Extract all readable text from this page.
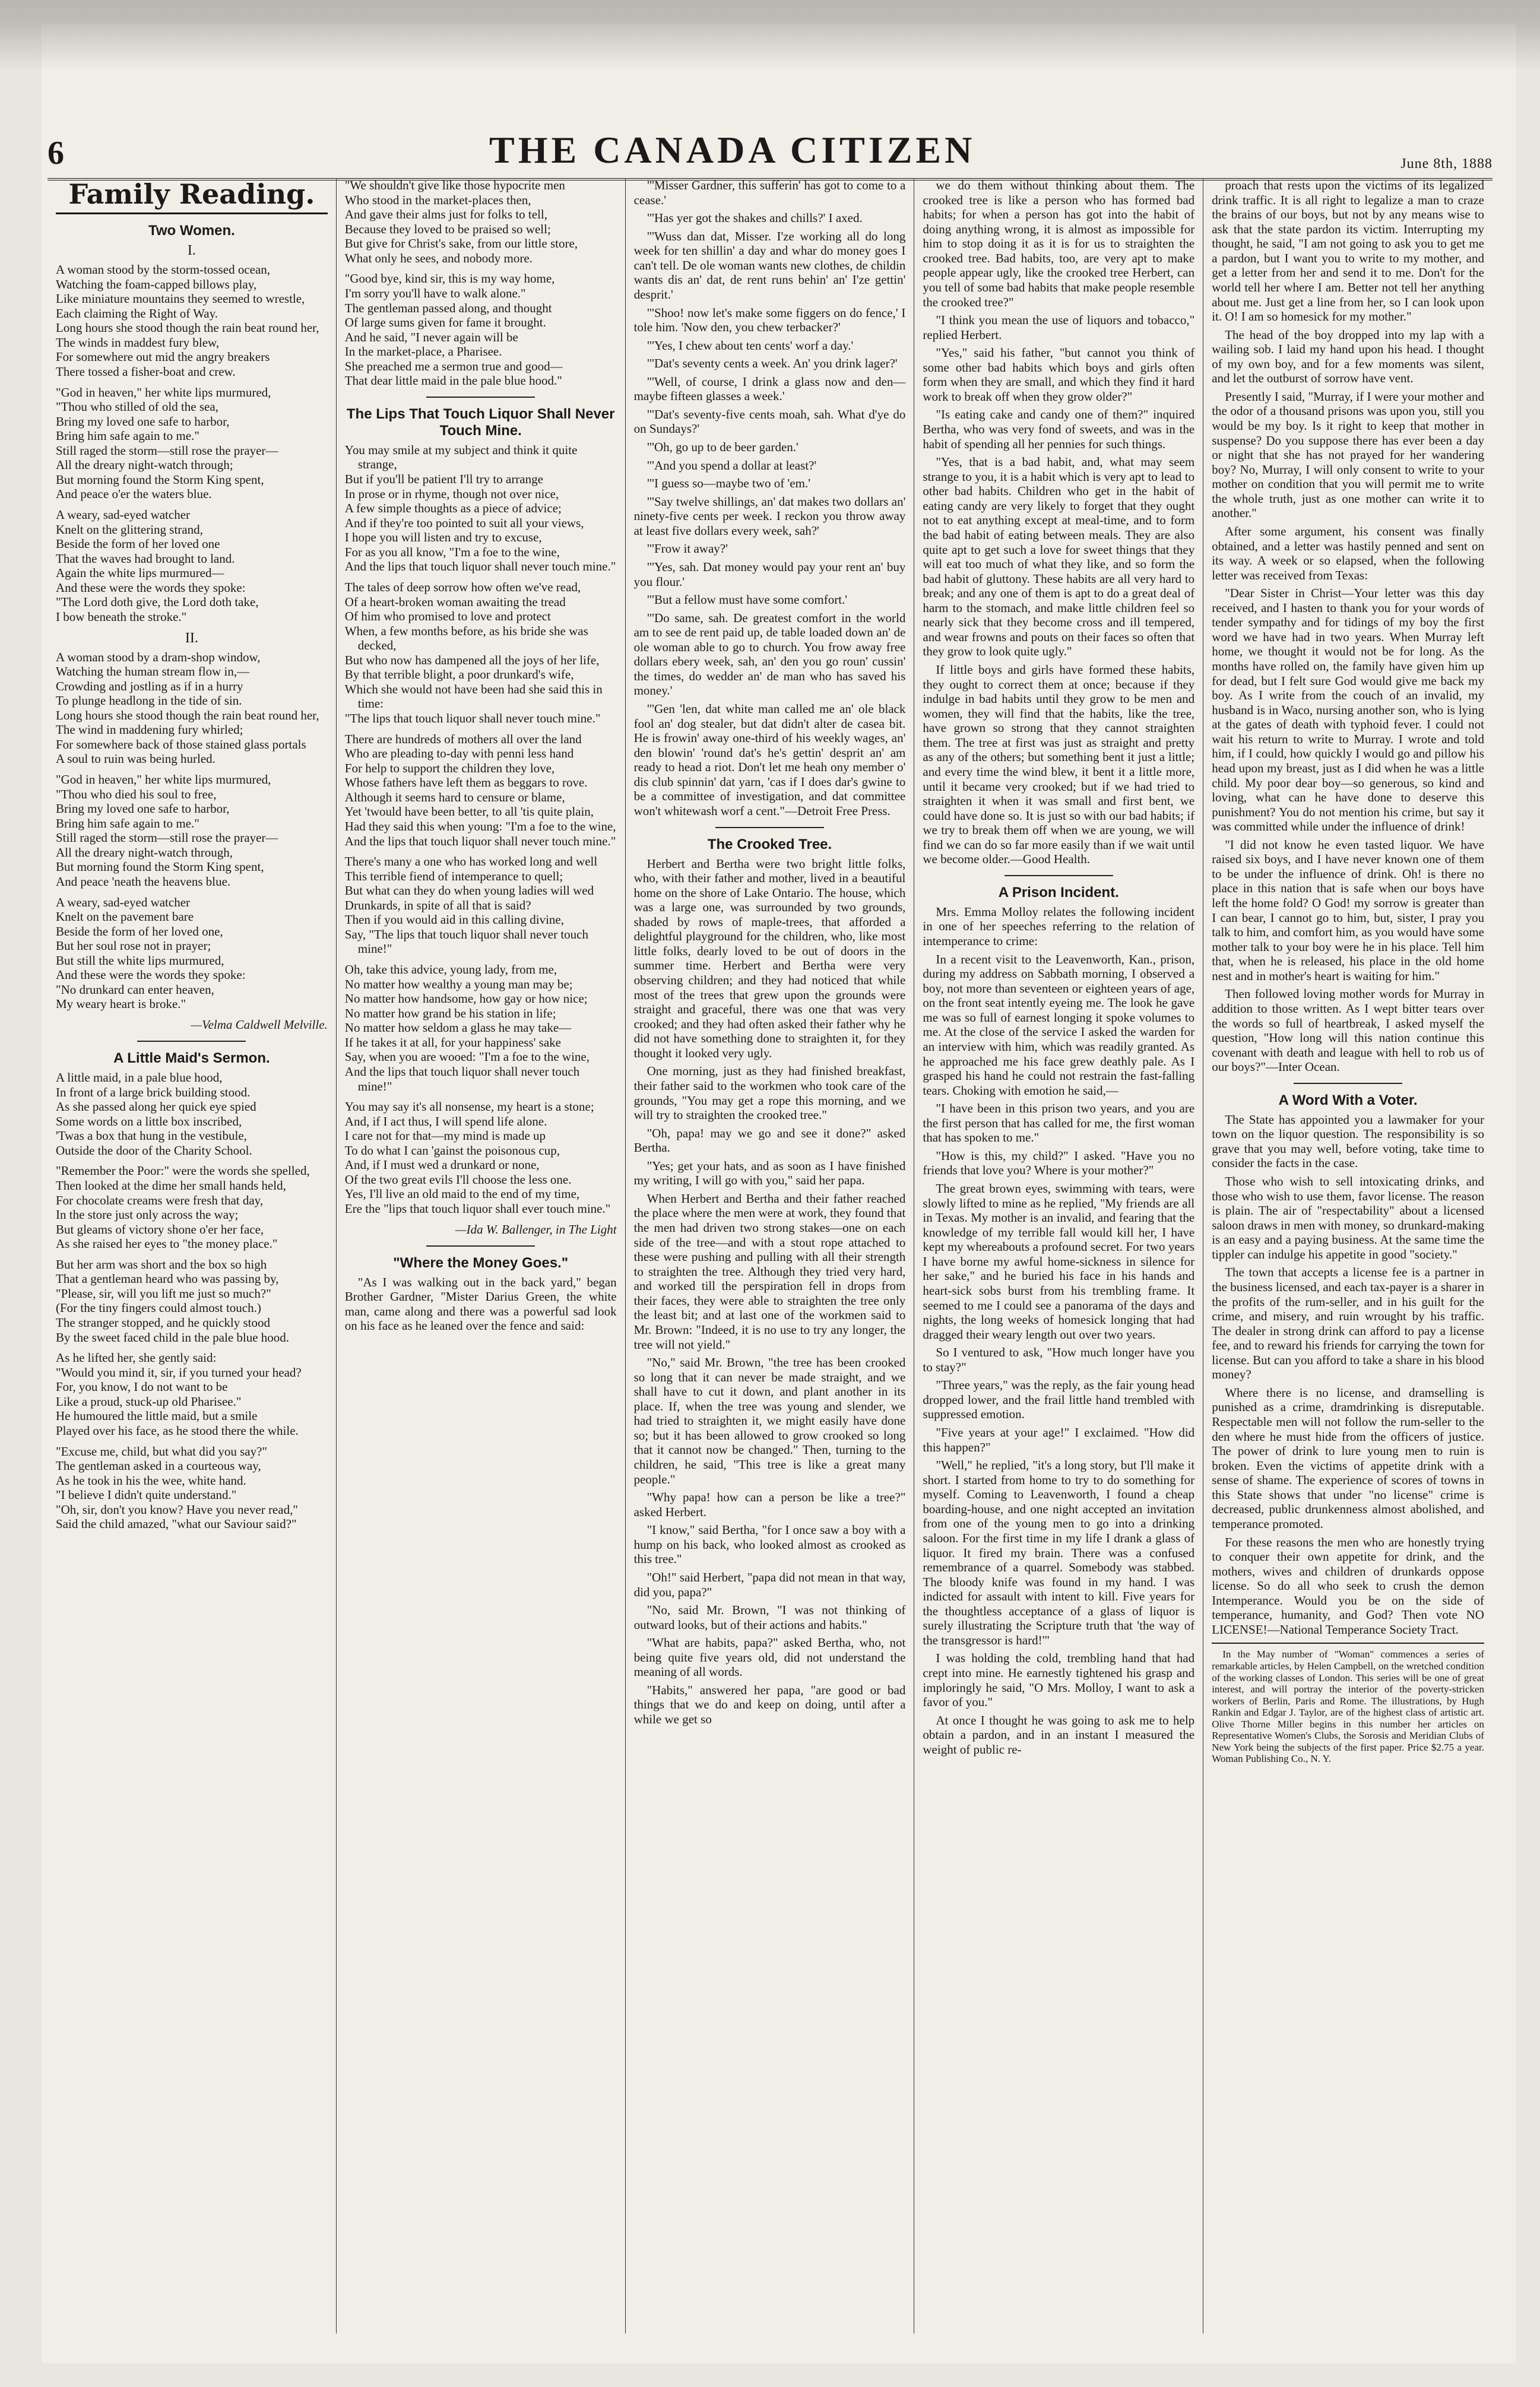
6	THE CANADA CITIZEN	June 8th, 1888
Family Reading.
Two Women.
I.
A woman stood by the storm-tossed ocean,
Watching the foam-capped billows play,
Like miniature mountains they seemed to wrestle,
Each claiming the Right of Way.
Long hours she stood though the rain beat round her,
The winds in maddest fury blew,
For somewhere out mid the angry breakers
There tossed a fisher-boat and crew.
"God in heaven," her white lips murmured,
"Thou who stilled of old the sea,
Bring my loved one safe to harbor,
Bring him safe again to me."
Still raged the storm—still rose the prayer—
All the dreary night-watch through;
But morning found the Storm King spent,
And peace o'er the waters blue.
A weary, sad-eyed watcher
Knelt on the glittering strand,
Beside the form of her loved one
That the waves had brought to land.
Again the white lips murmured—
And these were the words they spoke:
"The Lord doth give, the Lord doth take,
I bow beneath the stroke."
II.
A woman stood by a dram-shop window,
Watching the human stream flow in,—
Crowding and jostling as if in a hurry
To plunge headlong in the tide of sin.
Long hours she stood though the rain beat round her,
The wind in maddening fury whirled;
For somewhere back of those stained glass portals
A soul to ruin was being hurled.
"God in heaven," her white lips murmured,
"Thou who died his soul to free,
Bring my loved one safe to harbor,
Bring him safe again to me."
Still raged the storm—still rose the prayer—
All the dreary night-watch through,
But morning found the Storm King spent,
And peace 'neath the heavens blue.
A weary, sad-eyed watcher
Knelt on the pavement bare
Beside the form of her loved one,
But her soul rose not in prayer;
But still the white lips murmured,
And these were the words they spoke:
"No drunkard can enter heaven,
My weary heart is broke."
—Velma Caldwell Melville.
A Little Maid's Sermon.
A little maid, in a pale blue hood,
In front of a large brick building stood.
As she passed along her quick eye spied
Some words on a little box inscribed,
'Twas a box that hung in the vestibule,
Outside the door of the Charity School.
"Remember the Poor:" were the words she spelled,
Then looked at the dime her small hands held,
For chocolate creams were fresh that day,
In the store just only across the way;
But gleams of victory shone o'er her face,
As she raised her eyes to "the money place."
But her arm was short and the box so high
That a gentleman heard who was passing by,
"Please, sir, will you lift me just so much?"
(For the tiny fingers could almost touch.)
The stranger stopped, and he quickly stood
By the sweet faced child in the pale blue hood.
As he lifted her, she gently said:
"Would you mind it, sir, if you turned your head?
For, you know, I do not want to be
Like a proud, stuck-up old Pharisee."
He humoured the little maid, but a smile
Played over his face, as he stood there the while.
"Excuse me, child, but what did you say?"
The gentleman asked in a courteous way,
As he took in his the wee, white hand.
"I believe I didn't quite understand."
"Oh, sir, don't you know? Have you never read,"
Said the child amazed, "what our Saviour said?"
"We shouldn't give like those hypocrite men
Who stood in the market-places then,
And gave their alms just for folks to tell,
Because they loved to be praised so well;
But give for Christ's sake, from our little store,
What only he sees, and nobody more.
"Good bye, kind sir, this is my way home,
I'm sorry you'll have to walk alone."
The gentleman passed along, and thought
Of large sums given for fame it brought.
And he said, "I never again will be
In the market-place, a Pharisee.
She preached me a sermon true and good—
That dear little maid in the pale blue hood."
The Lips That Touch Liquor Shall Never Touch Mine.
You may smile at my subject and think it quite strange,
But if you'll be patient I'll try to arrange
In prose or in rhyme, though not over nice,
A few simple thoughts as a piece of advice;
And if they're too pointed to suit all your views,
I hope you will listen and try to excuse,
For as you all know, "I'm a foe to the wine,
And the lips that touch liquor shall never touch mine."
The tales of deep sorrow how often we've read,
Of a heart-broken woman awaiting the tread
Of him who promised to love and protect
When, a few months before, as his bride she was decked,
But who now has dampened all the joys of her life,
By that terrible blight, a poor drunkard's wife,
Which she would not have been had she said this in time:
"The lips that touch liquor shall never touch mine."
There are hundreds of mothers all over the land
Who are pleading to-day with penni less hand
For help to support the children they love,
Whose fathers have left them as beggars to rove.
Although it seems hard to censure or blame,
Yet 'twould have been better, to all 'tis quite plain,
Had they said this when young: "I'm a foe to the wine,
And the lips that touch liquor shall never touch mine."
There's many a one who has worked long and well
This terrible fiend of intemperance to quell;
But what can they do when young ladies will wed
Drunkards, in spite of all that is said?
Then if you would aid in this calling divine,
Say, "The lips that touch liquor shall never touch mine!"
Oh, take this advice, young lady, from me,
No matter how wealthy a young man may be;
No matter how handsome, how gay or how nice;
No matter how grand be his station in life;
No matter how seldom a glass he may take—
If he takes it at all, for your happiness' sake
Say, when you are wooed: "I'm a foe to the wine,
And the lips that touch liquor shall never touch mine!"
You may say it's all nonsense, my heart is a stone;
And, if I act thus, I will spend life alone.
I care not for that—my mind is made up
To do what I can 'gainst the poisonous cup,
And, if I must wed a drunkard or none,
Of the two great evils I'll choose the less one.
Yes, I'll live an old maid to the end of my time,
Ere the "lips that touch liquor shall ever touch mine."
—Ida W. Ballenger, in The Light
"Where the Money Goes."

"As I was walking out in the back yard," began Brother Gardner, "Mister Darius Green, the white man, came along and there was a powerful sad look on his face as he leaned over the fence and said:

"'Misser Gardner, this sufferin' has got to come to a cease.'

"'Has yer got the shakes and chills?' I axed.

"'Wuss dan dat, Misser. I'ze working all do long week for ten shillin' a day and whar do money goes I can't tell. De ole woman wants new clothes, de childin wants dis an' dat, de rent runs behin' an' I'ze gettin' desprit.'

"'Shoo! now let's make some figgers on do fence,' I tole him. 'Now den, you chew terbacker?'

"'Yes, I chew about ten cents' worf a day.'

"'Dat's seventy cents a week. An' you drink lager?'

"'Well, of course, I drink a glass now and den—maybe fifteen glasses a week.'

"'Dat's seventy-five cents moah, sah. What d'ye do on Sundays?'

"'Oh, go up to de beer garden.'

"'And you spend a dollar at least?'

"'I guess so—maybe two of 'em.'

"'Say twelve shillings, an' dat makes two dollars an' ninety-five cents per week. I reckon you throw away at least five dollars every week, sah?'

"'Frow it away?'

"'Yes, sah. Dat money would pay your rent an' buy you flour.'

"'But a fellow must have some comfort.'

"'Do same, sah. De greatest comfort in the world am to see de rent paid up, de table loaded down an' de ole woman able to go to church. You frow away free dollars ebery week, sah, an' den you go roun' cussin' the times, do wedder an' de man who has saved his money.'

"'Gen 'len, dat white man called me an' ole black fool an' dog stealer, but dat didn't alter de casea bit. He is frowin' away one-third of his weekly wages, an' den blowin' 'round dat's he's gettin' desprit an' am ready to head a riot. Don't let me heah ony member o' dis club spinnin' dat yarn, 'cas if I does dar's gwine to be a committee of investigation, and dat committee won't whitewash worf a cent."—Detroit Free Press.

The Crooked Tree.

Herbert and Bertha were two bright little folks, who, with their father and mother, lived in a beautiful home on the shore of Lake Ontario. The house, which was a large one, was surrounded by two grounds, shaded by rows of maple-trees, that afforded a delightful playground for the children, who, like most little folks, dearly loved to be out of doors in the summer time. Herbert and Bertha were very observing children; and they had noticed that while most of the trees that grew upon the grounds were straight and graceful, there was one that was very crooked; and they had often asked their father why he did not have something done to straighten it, for they thought it looked very ugly.

One morning, just as they had finished breakfast, their father said to the workmen who took care of the grounds, "You may get a rope this morning, and we will try to straighten the crooked tree."

"Oh, papa! may we go and see it done?" asked Bertha.

"Yes; get your hats, and as soon as I have finished my writing, I will go with you," said her papa.

When Herbert and Bertha and their father reached the place where the men were at work, they found that the men had driven two strong stakes—one on each side of the tree—and with a stout rope attached to these were pushing and pulling with all their strength to straighten the tree. Although they tried very hard, and worked till the perspiration fell in drops from their faces, they were able to straighten the tree only the least bit; and at last one of the workmen said to Mr. Brown: "Indeed, it is no use to try any longer, the tree will not yield."

"No," said Mr. Brown, "the tree has been crooked so long that it can never be made straight, and we shall have to cut it down, and plant another in its place. If, when the tree was young and slender, we had tried to straighten it, we might easily have done so; but it has been allowed to grow crooked so long that it cannot now be changed." Then, turning to the children, he said, "This tree is like a great many people."

"Why papa! how can a person be like a tree?" asked Herbert.

"I know," said Bertha, "for I once saw a boy with a hump on his back, who looked almost as crooked as this tree."

"Oh!" said Herbert, "papa did not mean in that way, did you, papa?"

"No, said Mr. Brown, "I was not thinking of outward looks, but of their actions and habits."

"What are habits, papa?" asked Bertha, who, not being quite five years old, did not understand the meaning of all words.

"Habits," answered her papa, "are good or bad things that we do and keep on doing, until after a while we get so

we do them without thinking about them. The crooked tree is like a person who has formed bad habits; for when a person has got into the habit of doing anything wrong, it is almost as impossible for him to stop doing it as it is for us to straighten the crooked tree. Bad habits, too, are very apt to make people appear ugly, like the crooked tree Herbert, can you tell of some bad habits that make people resemble the crooked tree?"

"I think you mean the use of liquors and tobacco," replied Herbert.

"Yes," said his father, "but cannot you think of some other bad habits which boys and girls often form when they are small, and which they find it hard work to break off when they grow older?"

"Is eating cake and candy one of them?" inquired Bertha, who was very fond of sweets, and was in the habit of spending all her pennies for such things.

"Yes, that is a bad habit, and, what may seem strange to you, it is a habit which is very apt to lead to other bad habits. Children who get in the habit of eating candy are very likely to forget that they ought not to eat anything except at meal-time, and to form the bad habit of eating between meals. They are also quite apt to get such a love for sweet things that they will eat too much of what they like, and so form the bad habit of gluttony. These habits are all very hard to break; and any one of them is apt to do a great deal of harm to the stomach, and make little children feel so nearly sick that they become cross and ill tempered, and wear frowns and pouts on their faces so often that they grow to look quite ugly."

If little boys and girls have formed these habits, they ought to correct them at once; because if they indulge in bad habits until they grow to be men and women, they will find that the habits, like the tree, have grown so strong that they cannot straighten them. The tree at first was just as straight and pretty as any of the others; but something bent it just a little; and every time the wind blew, it bent it a little more, until it became very crooked; but if we had tried to straighten it when it was small and first bent, we could have done so. It is just so with our bad habits; if we try to break them off when we are young, we will find we can do so far more easily than if we wait until we become older.—Good Health.

A Prison Incident.

Mrs. Emma Molloy relates the following incident in one of her speeches referring to the relation of intemperance to crime:

In a recent visit to the Leavenworth, Kan., prison, during my address on Sabbath morning, I observed a boy, not more than seventeen or eighteen years of age, on the front seat intently eyeing me. The look he gave me was so full of earnest longing it spoke volumes to me. At the close of the service I asked the warden for an interview with him, which was readily granted. As he approached me his face grew deathly pale. As I grasped his hand he could not restrain the fast-falling tears. Choking with emotion he said,—

"I have been in this prison two years, and you are the first person that has called for me, the first woman that has spoken to me."

"How is this, my child?" I asked. "Have you no friends that love you? Where is your mother?"

The great brown eyes, swimming with tears, were slowly lifted to mine as he replied, "My friends are all in Texas. My mother is an invalid, and fearing that the knowledge of my terrible fall would kill her, I have kept my whereabouts a profound secret. For two years I have borne my awful home-sickness in silence for her sake," and he buried his face in his hands and heart-sick sobs burst from his trembling frame. It seemed to me I could see a panorama of the days and nights, the long weeks of homesick longing that had dragged their weary length out over two years.

So I ventured to ask, "How much longer have you to stay?"

"Three years," was the reply, as the fair young head dropped lower, and the frail little hand trembled with suppressed emotion.

"Five years at your age!" I exclaimed. "How did this happen?"

"Well," he replied, "it's a long story, but I'll make it short. I started from home to try to do something for myself. Coming to Leavenworth, I found a cheap boarding-house, and one night accepted an invitation from one of the young men to go into a drinking saloon. For the first time in my life I drank a glass of liquor. It fired my brain. There was a confused remembrance of a quarrel. Somebody was stabbed. The bloody knife was found in my hand. I was indicted for assault with intent to kill. Five years for the thoughtless acceptance of a glass of liquor is surely illustrating the Scripture truth that 'the way of the transgressor is hard!'"

I was holding the cold, trembling hand that had crept into mine. He earnestly tightened his grasp and imploringly he said, "O Mrs. Molloy, I want to ask a favor of you."

At once I thought he was going to ask me to help obtain a pardon, and in an instant I measured the weight of public re-

proach that rests upon the victims of its legalized drink traffic. It is all right to legalize a man to craze the brains of our boys, but not by any means wise to ask that the state pardon its victim. Interrupting my thought, he said, "I am not going to ask you to get me a pardon, but I want you to write to my mother, and get a letter from her and send it to me. Don't for the world tell her where I am. Better not tell her anything about me. Just get a line from her, so I can look upon it. O! I am so homesick for my mother."

The head of the boy dropped into my lap with a wailing sob. I laid my hand upon his head. I thought of my own boy, and for a few moments was silent, and let the outburst of sorrow have vent.

Presently I said, "Murray, if I were your mother and the odor of a thousand prisons was upon you, still you would be my boy. Is it right to keep that mother in suspense? Do you suppose there has ever been a day or night that she has not prayed for her wandering boy? No, Murray, I will only consent to write to your mother on condition that you will permit me to write the whole truth, just as one mother can write it to another."

After some argument, his consent was finally obtained, and a letter was hastily penned and sent on its way. A week or so elapsed, when the following letter was received from Texas:

"Dear Sister in Christ—Your letter was this day received, and I hasten to thank you for your words of tender sympathy and for tidings of my boy the first word we have had in two years. When Murray left home, we thought it would not be for long. As the months have rolled on, the family have given him up for dead, but I felt sure God would give me back my boy. As I write from the couch of an invalid, my husband is in Waco, nursing another son, who is lying at the gates of death with typhoid fever. I could not wait his return to write to Murray. I wrote and told him, if I could, how quickly I would go and pillow his head upon my breast, just as I did when he was a little child. My poor dear boy—so generous, so kind and loving, what can he have done to deserve this punishment? You do not mention his crime, but say it was committed while under the influence of drink!

"I did not know he even tasted liquor. We have raised six boys, and I have never known one of them to be under the influence of drink. Oh! is there no place in this nation that is safe when our boys have left the home fold? O God! my sorrow is greater than I can bear, I cannot go to him, but, sister, I pray you talk to him, and comfort him, as you would have some mother talk to your boy were he in his place. Tell him that, when he is released, his place in the old home nest and in mother's heart is waiting for him."

Then followed loving mother words for Murray in addition to those written. As I wept bitter tears over the words so full of heartbreak, I asked myself the question, "How long will this nation continue this covenant with death and league with hell to rob us of our boys?"—Inter Ocean.

A Word With a Voter.

The State has appointed you a lawmaker for your town on the liquor question. The responsibility is so grave that you may well, before voting, take time to consider the facts in the case.

Those who wish to sell intoxicating drinks, and those who wish to use them, favor license. The reason is plain. The air of "respectability" about a licensed saloon draws in men with money, so drunkard-making is an easy and a paying business. At the same time the tippler can indulge his appetite in good "society."

The town that accepts a license fee is a partner in the business licensed, and each tax-payer is a sharer in the profits of the rum-seller, and in his guilt for the crime, and misery, and ruin wrought by his traffic. The dealer in strong drink can afford to pay a license fee, and to reward his friends for carrying the town for license. But can you afford to take a share in his blood money?

Where there is no license, and dramselling is punished as a crime, dramdrinking is disreputable. Respectable men will not follow the rum-seller to the den where he must hide from the officers of justice. The power of drink to lure young men to ruin is broken. Even the victims of appetite drink with a sense of shame. The experience of scores of towns in this State shows that under "no license" crime is decreased, public drunkenness almost abolished, and temperance promoted.

For these reasons the men who are honestly trying to conquer their own appetite for drink, and the mothers, wives and children of drunkards oppose license. So do all who seek to crush the demon Intemperance. Would you be on the side of temperance, humanity, and God? Then vote NO LICENSE!—National Temperance Society Tract.

In the May number of "Woman" commences a series of remarkable articles, by Helen Campbell, on the wretched condition of the working classes of London. This series will be one of great interest, and will portray the interior of the poverty-stricken workers of Berlin, Paris and Rome. The illustrations, by Hugh Rankin and Edgar J. Taylor, are of the highest class of artistic art. Olive Thorne Miller begins in this number her articles on Representative Women's Clubs, the Sorosis and Meridian Clubs of New York being the subjects of the first paper. Price $2.75 a year. Woman Publishing Co., N. Y.
